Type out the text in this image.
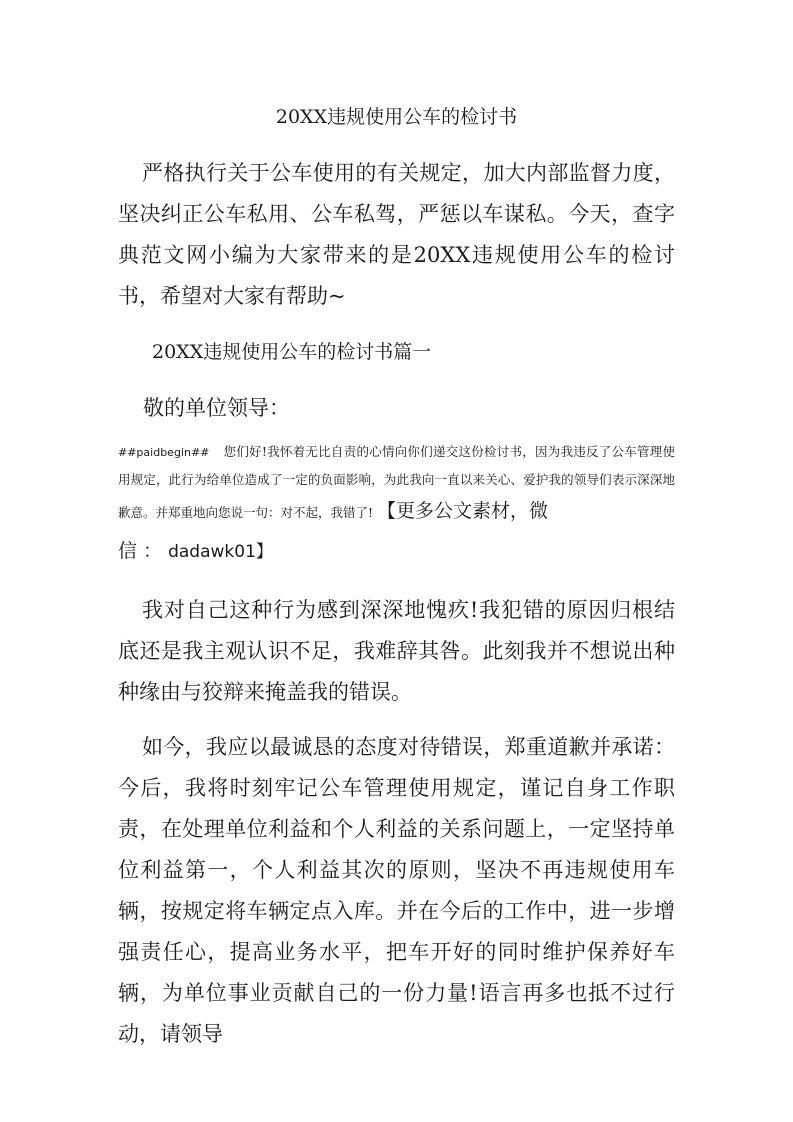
20XX违规使用公车的检讨书

严格执行关于公车使用的有关规定，加大内部监督力度，坚决纠正公车私用、公车私驾，严惩以车谋私。今天，查字典范文网小编为大家带来的是20XX违规使用公车的检讨书，希望对大家有帮助~

20XX违规使用公车的检讨书篇一

敬的单位领导：

##paidbegin## 您们好!我怀着无比自责的心情向你们递交这份检讨书，因为我违反了公车管理使用规定，此行为给单位造成了一定的负面影响，为此我向一直以来关心、爱护我的领导们表示深深地歉意。并郑重地向您说一句：对不起，我错了! 【更多公文素材，微

信 ： dadawk01】

我对自己这种行为感到深深地愧疚!我犯错的原因归根结底还是我主观认识不足，我难辞其咎。此刻我并不想说出种种缘由与狡辩来掩盖我的错误。

如今，我应以最诚恳的态度对待错误，郑重道歉并承诺：今后，我将时刻牢记公车管理使用规定，谨记自身工作职责，在处理单位利益和个人利益的关系问题上，一定坚持单位利益第一，个人利益其次的原则，坚决不再违规使用车辆，按规定将车辆定点入库。并在今后的工作中，进一步增强责任心，提高业务水平，把车开好的同时维护保养好车辆，为单位事业贡献自己的一份力量!语言再多也抵不过行动，请领导
